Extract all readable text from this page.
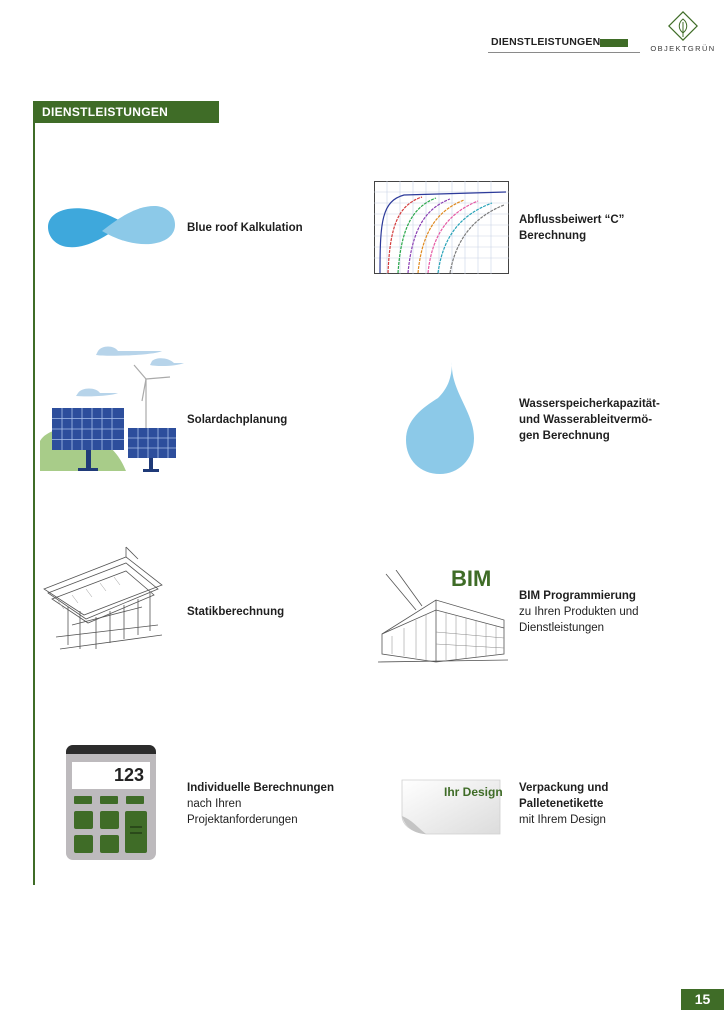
DIENSTLEISTUNGEN
OBJEKTGRÜN
DIENSTLEISTUNGEN
Blue roof Kalkulation
Abflussbeiwert “C”
Berechnung
Solardachplanung
Wasserspeicherkapazität-
und Wasserableitvermö-
gen Berechnung
Statikberechnung
BIM
BIM Programmierung
zu Ihren Produkten und
Dienstleistungen
123
Individuelle Berechnungen
nach Ihren
Projektanforderungen
Ihr Design Verpackung und
Palletenetikette
mit Ihrem Design
15
